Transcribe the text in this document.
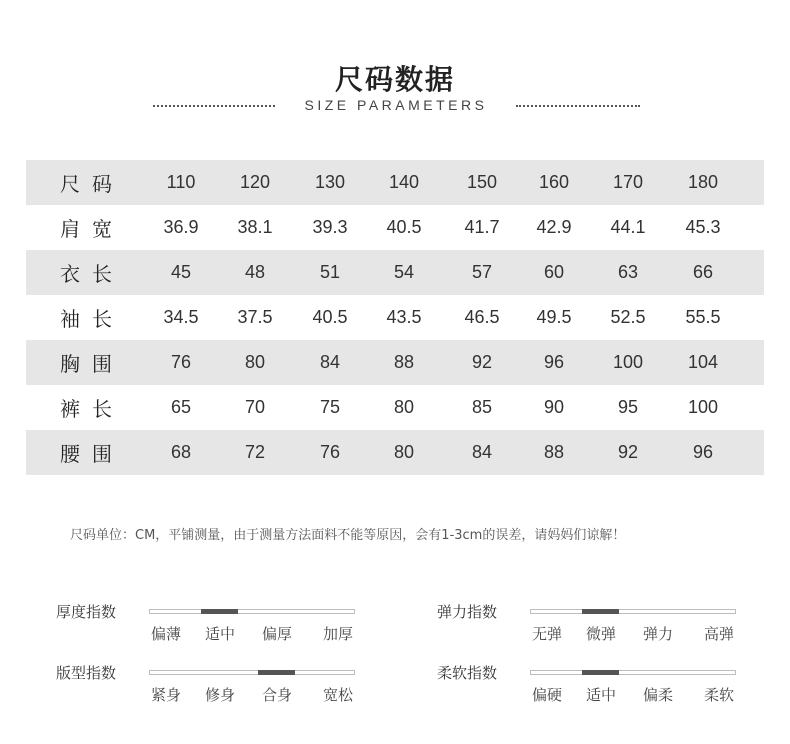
尺码数据
SIZE PARAMETERS
尺码	110	120	130	140	150	160	170	180
肩宽	36.9	38.1	39.3	40.5	41.7	42.9	44.1	45.3
衣长	45	48	51	54	57	60	63	66
袖长	34.5	37.5	40.5	43.5	46.5	49.5	52.5	55.5
胸围	76	80	84	88	92	96	100	104
裤长	65	70	75	80	85	90	95	100
腰围	68	72	76	80	84	88	92	96
尺码单位：CM，平铺测量，由于测量方法面料不能等原因，会有1-3cm的误差，请妈妈们谅解！
厚度指数
偏薄	适中	偏厚	加厚
弹力指数
无弹	微弹	弹力	高弹
版型指数
紧身	修身	合身	宽松
柔软指数
偏硬	适中	偏柔	柔软
